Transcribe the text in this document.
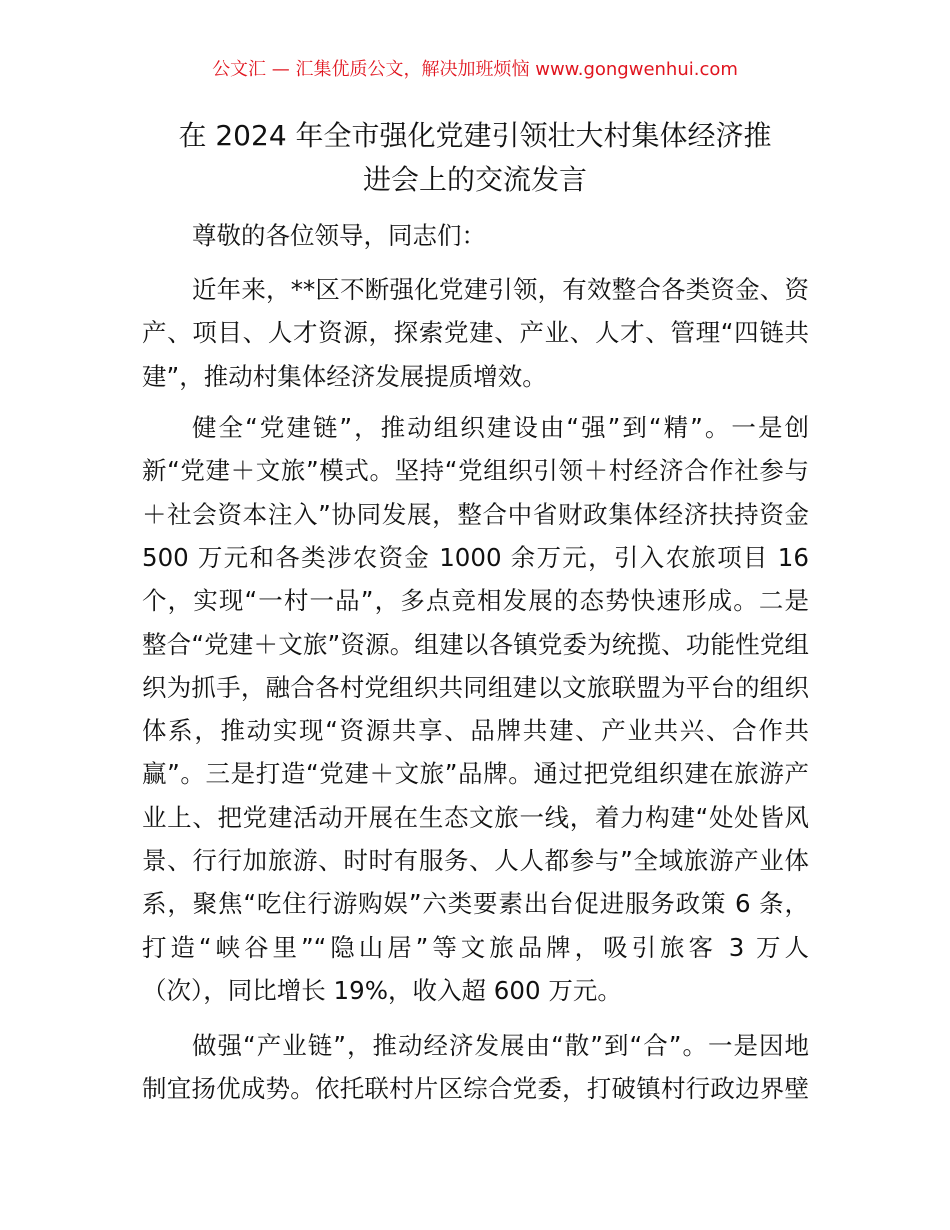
公文汇 — 汇集优质公文，解决加班烦恼 www.gongwenhui.com
在 2024 年全市强化党建引领壮大村集体经济推
进会上的交流发言
尊敬的各位领导，同志们：
近年来，**区不断强化党建引领，有效整合各类资金、资
产、项目、人才资源，探索党建、产业、人才、管理“四链共
建”，推动村集体经济发展提质增效。
健全“党建链”，推动组织建设由“强”到“精”。一是创
新“党建＋文旅”模式。坚持“党组织引领＋村经济合作社参与
＋社会资本注入”协同发展，整合中省财政集体经济扶持资金
500 万元和各类涉农资金 1000 余万元，引入农旅项目 16
个，实现“一村一品”，多点竞相发展的态势快速形成。二是
整合“党建＋文旅”资源。组建以各镇党委为统揽、功能性党组
织为抓手，融合各村党组织共同组建以文旅联盟为平台的组织
体系，推动实现“资源共享、品牌共建、产业共兴、合作共
赢”。三是打造“党建＋文旅”品牌。通过把党组织建在旅游产
业上、把党建活动开展在生态文旅一线，着力构建“处处皆风
景、行行加旅游、时时有服务、人人都参与”全域旅游产业体
系，聚焦“吃住行游购娱”六类要素出台促进服务政策 6 条，
打造“峡谷里”“隐山居”等文旅品牌，吸引旅客 3 万人
（次），同比增长 19%，收入超 600 万元。
做强“产业链”，推动经济发展由“散”到“合”。一是因地
制宜扬优成势。依托联村片区综合党委，打破镇村行政边界壁
